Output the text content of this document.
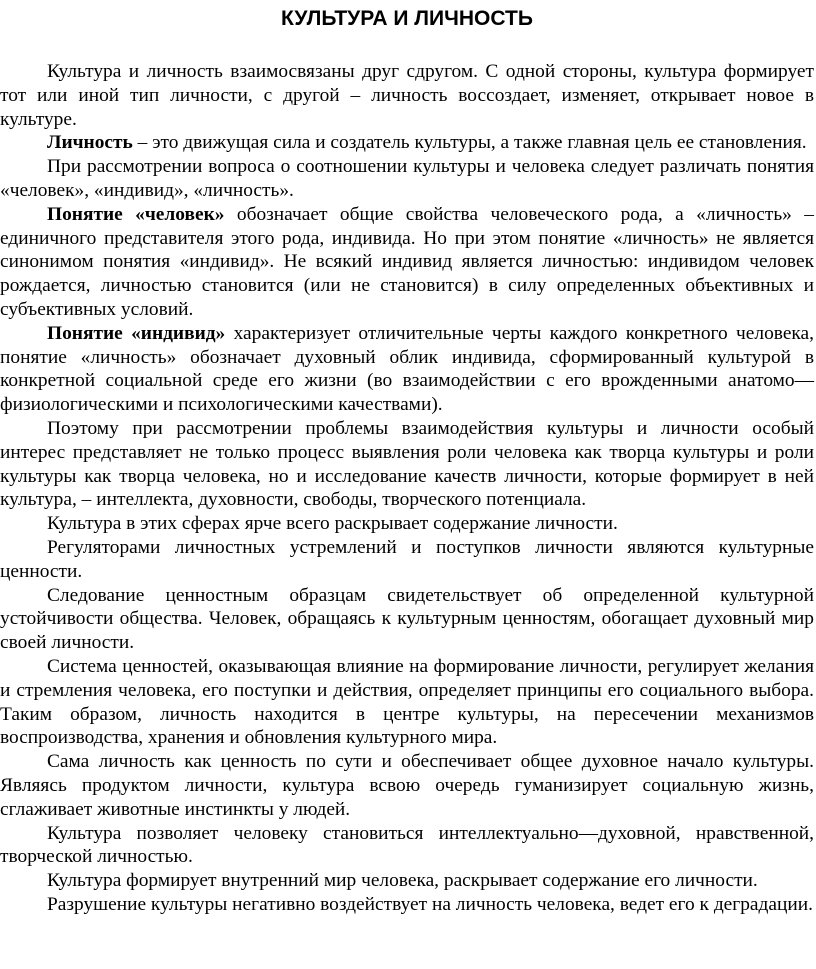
КУЛЬТУРА И ЛИЧНОСТЬ

Культура и личность взаимосвязаны друг сдругом. С одной стороны, культура формирует тот или иной тип личности, с другой – личность воссоздает, изменяет, открывает новое в культуре.

Личность – это движущая сила и создатель культуры, а также главная цель ее становления.

При рассмотрении вопроса о соотношении культуры и человека следует различать понятия «человек», «индивид», «личность».

Понятие «человек» обозначает общие свойства человеческого рода, а «личность» – единичного представителя этого рода, индивида. Но при этом понятие «личность» не является синонимом понятия «индивид». Не всякий индивид является личностью: индивидом человек рождается, личностью становится (или не становится) в силу определенных объективных и субъективных условий.

Понятие «индивид» характеризует отличительные черты каждого конкретного человека, понятие «личность» обозначает духовный облик индивида, сформированный культурой в конкретной социальной среде его жизни (во взаимодействии с его врожденными анатомо—физиологическими и психологическими качествами).

Поэтому при рассмотрении проблемы взаимодействия культуры и личности особый интерес представляет не только процесс выявления роли человека как творца культуры и роли культуры как творца человека, но и исследование качеств личности, которые формирует в ней культура, – интеллекта, духовности, свободы, творческого потенциала.

Культура в этих сферах ярче всего раскрывает содержание личности.

Регуляторами личностных устремлений и поступков личности являются культурные ценности.

Следование ценностным образцам свидетельствует об определенной культурной устойчивости общества. Человек, обращаясь к культурным ценностям, обогащает духовный мир своей личности.

Система ценностей, оказывающая влияние на формирование личности, регулирует желания и стремления человека, его поступки и действия, определяет принципы его социального выбора. Таким образом, личность находится в центре культуры, на пересечении механизмов воспроизводства, хранения и обновления культурного мира.

Сама личность как ценность по сути и обеспечивает общее духовное начало культуры. Являясь продуктом личности, культура всвою очередь гуманизирует социальную жизнь, сглаживает животные инстинкты у людей.

Культура позволяет человеку становиться интеллектуально—духовной, нравственной, творческой личностью.

Культура формирует внутренний мир человека, раскрывает содержание его личности.

Разрушение культуры негативно воздействует на личность человека, ведет его к деградации.
